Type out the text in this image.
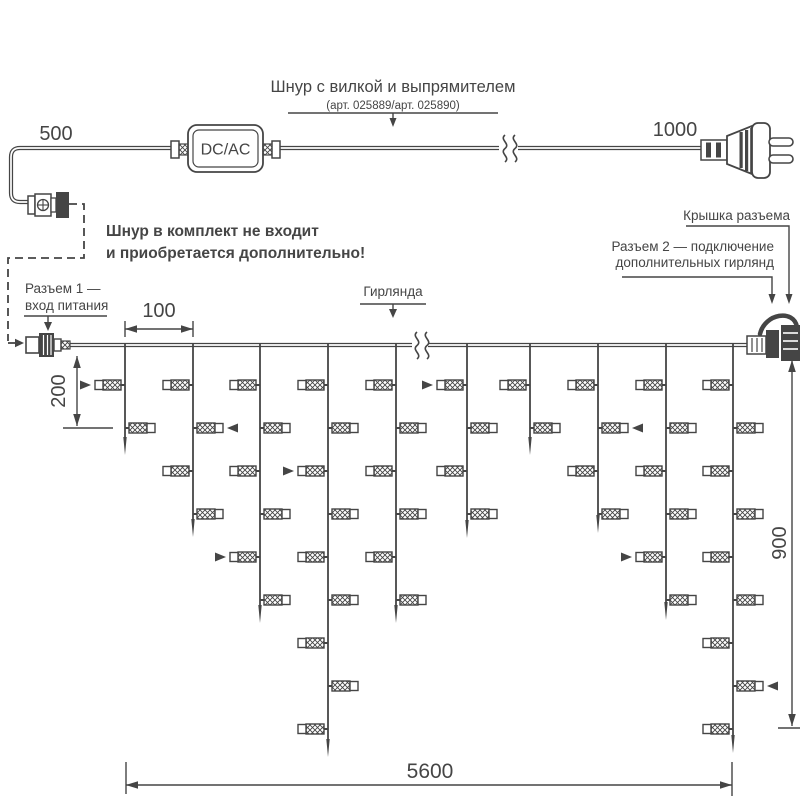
DC/AC
Шнур с вилкой и выпрямителем
(арт. 025889/арт. 025890)
500	1000
Шнур в комплект не входит
и приобретается дополнительно!
Крышка разъема
Разъем 2 — подключение
дополнительных гирлянд
Разъем 1 —
вход питания
Гирлянда
100
200
900
5600
